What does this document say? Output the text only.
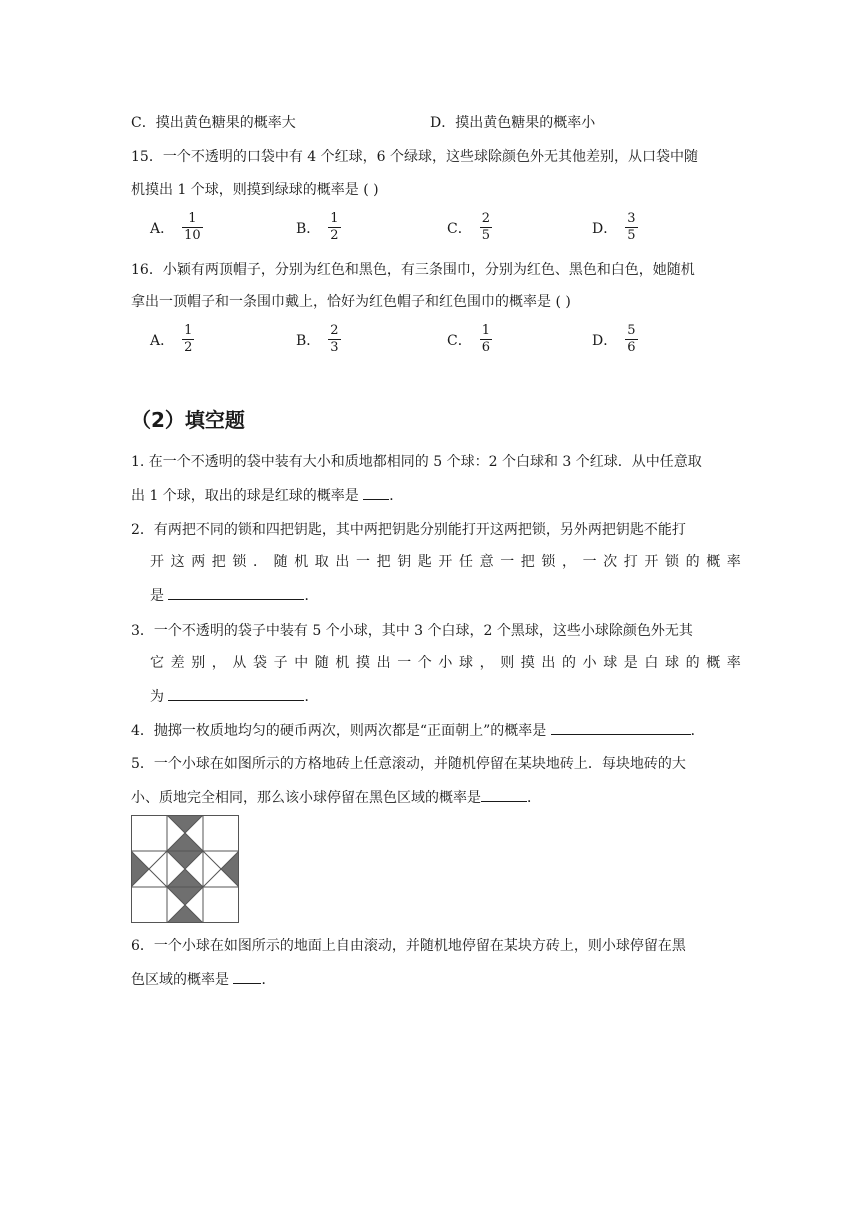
C．摸出黄色糖果的概率大	D．摸出黄色糖果的概率小
15．一个不透明的口袋中有 4 个红球，6 个绿球，这些球除颜色外无其他差别，从口袋中随
机摸出 1 个球，则摸到绿球的概率是 ( )
A． $\frac{1}{10}$	B． $\frac{1}{2}$	C． $\frac{2}{5}$	D． $\frac{3}{5}$
16．小颖有两顶帽子，分别为红色和黑色，有三条围巾，分别为红色、黑色和白色，她随机
拿出一顶帽子和一条围巾戴上，恰好为红色帽子和红色围巾的概率是 ( )
A． $\frac{1}{2}$	B． $\frac{2}{3}$	C． $\frac{1}{6}$	D． $\frac{5}{6}$
（2）填空题
1. 在一个不透明的袋中装有大小和质地都相同的 5 个球：2 个白球和 3 个红球．从中任意取
出 1 个球，取出的球是红球的概率是 ．
2．有两把不同的锁和四把钥匙，其中两把钥匙分别能打开这两把锁，另外两把钥匙不能打
开这两把锁．随机取出一把钥匙开任意一把锁，一次打开锁的概率
是	．
3．一个不透明的袋子中装有 5 个小球，其中 3 个白球，2 个黑球，这些小球除颜色外无其
它差别，从袋子中随机摸出一个小球，则摸出的小球是白球的概率
为	．
4．抛掷一枚质地均匀的硬币两次，则两次都是“正面朝上”的概率是	．
5．一个小球在如图所示的方格地砖上任意滚动，并随机停留在某块地砖上．每块地砖的大
小、质地完全相同，那么该小球停留在黑色区域的概率是	．
6．一个小球在如图所示的地面上自由滚动，并随机地停留在某块方砖上，则小球停留在黑
色区域的概率是 ．
